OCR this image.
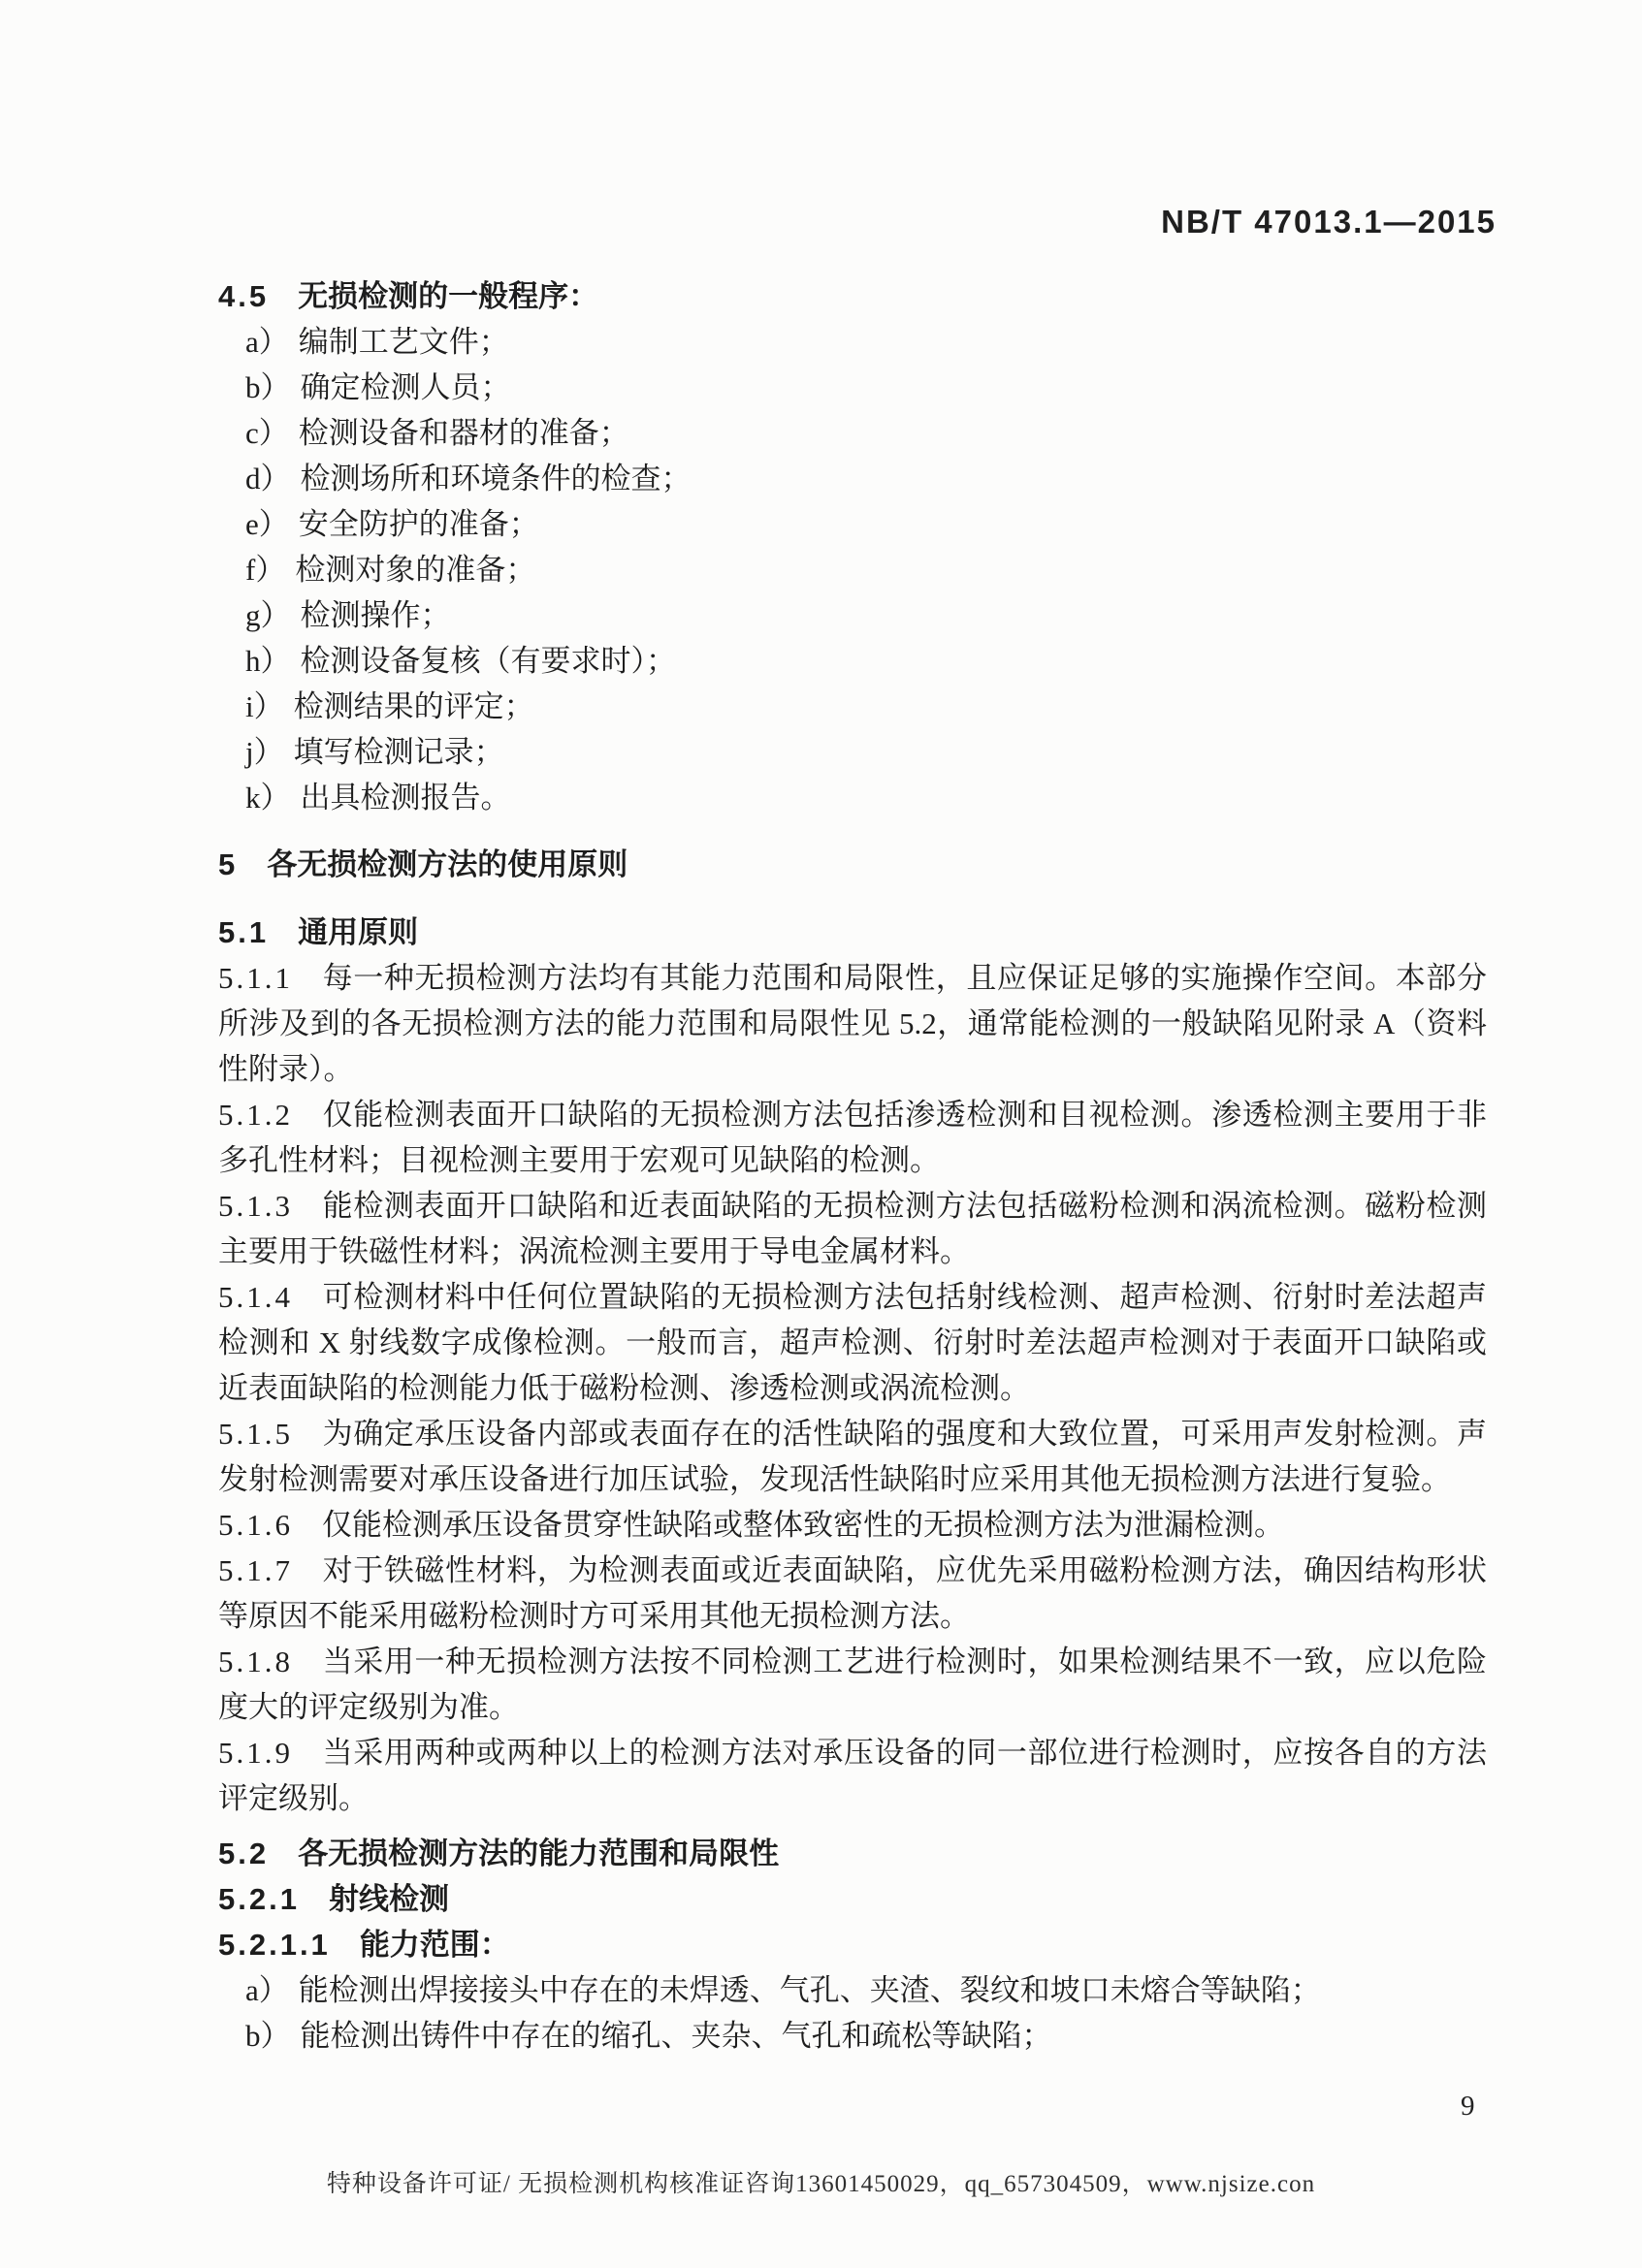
NB/T 47013.1—2015

4.5 无损检测的一般程序：

a） 编制工艺文件；

b） 确定检测人员；

c） 检测设备和器材的准备；

d） 检测场所和环境条件的检查；

e） 安全防护的准备；

f） 检测对象的准备；

g） 检测操作；

h） 检测设备复核（有要求时）；

i） 检测结果的评定；

j） 填写检测记录；

k） 出具检测报告。

5 各无损检测方法的使用原则

5.1 通用原则

5.1.1 每一种无损检测方法均有其能力范围和局限性，且应保证足够的实施操作空间。本部分所涉及到的各无损检测方法的能力范围和局限性见 5.2，通常能检测的一般缺陷见附录 A（资料性附录）。

5.1.2 仅能检测表面开口缺陷的无损检测方法包括渗透检测和目视检测。渗透检测主要用于非多孔性材料；目视检测主要用于宏观可见缺陷的检测。

5.1.3 能检测表面开口缺陷和近表面缺陷的无损检测方法包括磁粉检测和涡流检测。磁粉检测主要用于铁磁性材料；涡流检测主要用于导电金属材料。

5.1.4 可检测材料中任何位置缺陷的无损检测方法包括射线检测、超声检测、衍射时差法超声检测和 X 射线数字成像检测。一般而言，超声检测、衍射时差法超声检测对于表面开口缺陷或近表面缺陷的检测能力低于磁粉检测、渗透检测或涡流检测。

5.1.5 为确定承压设备内部或表面存在的活性缺陷的强度和大致位置，可采用声发射检测。声发射检测需要对承压设备进行加压试验，发现活性缺陷时应采用其他无损检测方法进行复验。

5.1.6 仅能检测承压设备贯穿性缺陷或整体致密性的无损检测方法为泄漏检测。

5.1.7 对于铁磁性材料，为检测表面或近表面缺陷，应优先采用磁粉检测方法，确因结构形状等原因不能采用磁粉检测时方可采用其他无损检测方法。

5.1.8 当采用一种无损检测方法按不同检测工艺进行检测时，如果检测结果不一致，应以危险度大的评定级别为准。

5.1.9 当采用两种或两种以上的检测方法对承压设备的同一部位进行检测时，应按各自的方法评定级别。

5.2 各无损检测方法的能力范围和局限性

5.2.1 射线检测

5.2.1.1 能力范围：

a） 能检测出焊接接头中存在的未焊透、气孔、夹渣、裂纹和坡口未熔合等缺陷；

b） 能检测出铸件中存在的缩孔、夹杂、气孔和疏松等缺陷；

9
特种设备许可证/ 无损检测机构核准证咨询13601450029，qq_657304509，www.njsize.con
